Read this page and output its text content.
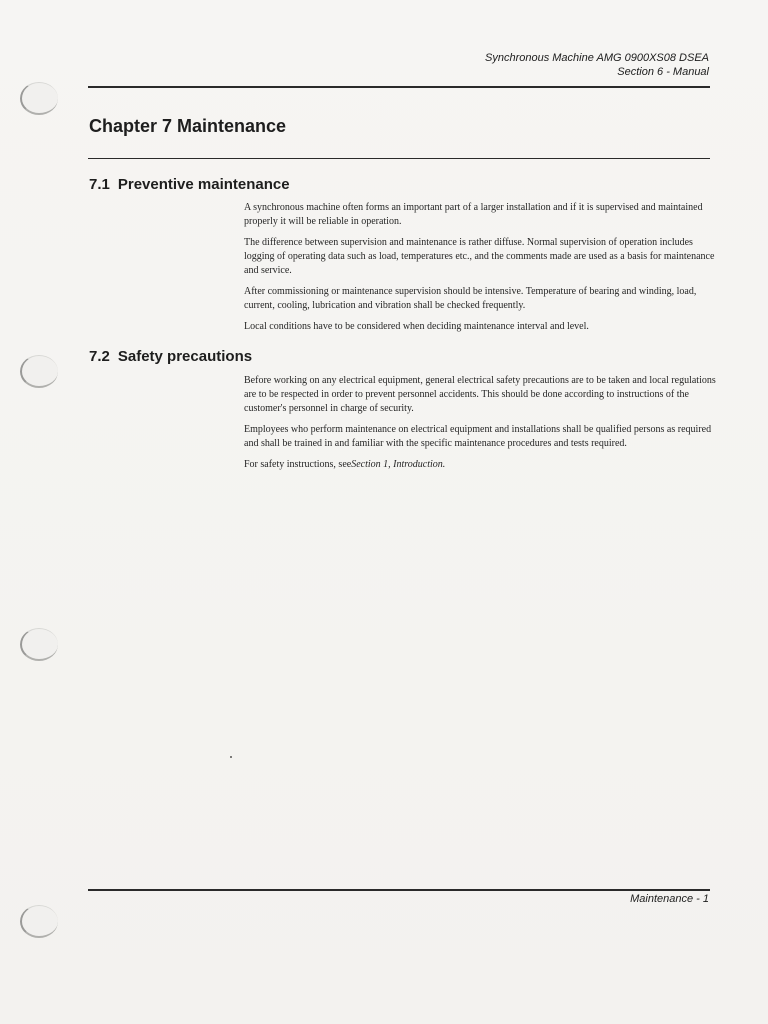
Synchronous Machine AMG 0900XS08 DSEA
Section 6 - Manual
Chapter 7 Maintenance
7.1 Preventive maintenance

A synchronous machine often forms an important part of a larger installation and if it is supervised and maintained properly it will be reliable in operation.

The difference between supervision and maintenance is rather diffuse. Normal supervision of operation includes logging of operating data such as load, temperatures etc., and the comments made are used as a basis for maintenance and service.

After commissioning or maintenance supervision should be intensive. Temperature of bearing and winding, load, current, cooling, lubrication and vibration shall be checked frequently.

Local conditions have to be considered when deciding maintenance interval and level.

7.2 Safety precautions

Before working on any electrical equipment, general electrical safety precautions are to be taken and local regulations are to be respected in order to prevent personnel accidents. This should be done according to instructions of the customer's personnel in charge of security.

Employees who perform maintenance on electrical equipment and installations shall be qualified persons as required and shall be trained in and familiar with the specific maintenance procedures and tests required.

For safety instructions, seeSection 1, Introduction.

Maintenance - 1
